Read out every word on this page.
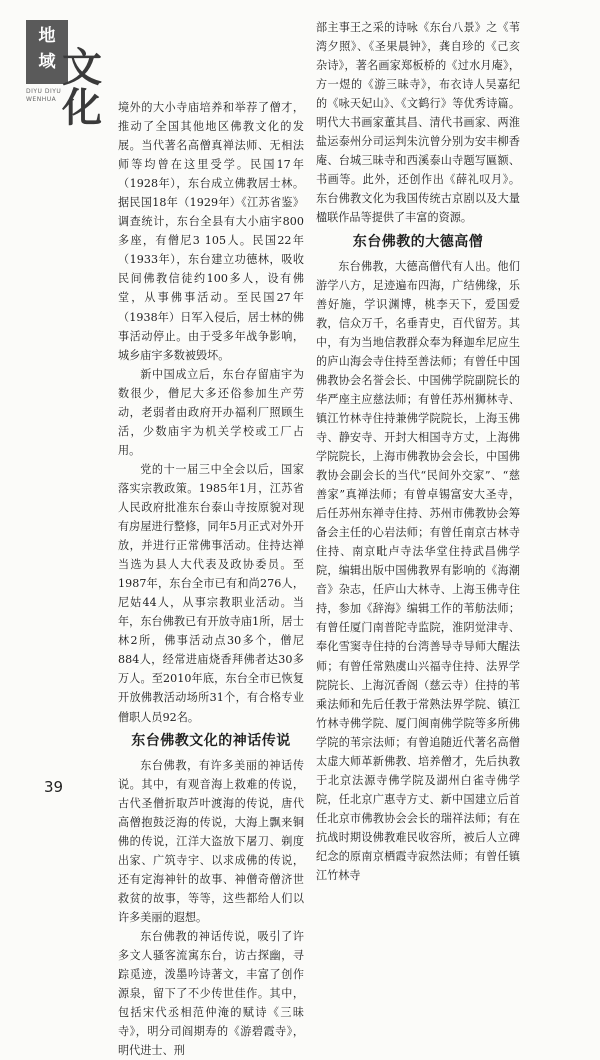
地
域 文化
DIYU DIYU
WENHUA

境外的大小寺庙培养和举荐了僧才，推动了全国其他地区佛教文化的发展。当代著名高僧真禅法师、无相法师等均曾在这里受学。民国17年（1928年），东台成立佛教居士林。据民国18年（1929年）《江苏省鉴》调查统计，东台全县有大小庙宇800多座，有僧尼3 105人。民国22年（1933年），东台建立功德林，吸收民间佛教信徒约100多人，设有佛堂，从事佛事活动。至民国27年（1938年）日军入侵后，居士林的佛事活动停止。由于受多年战争影响，城乡庙宇多数被毁坏。

新中国成立后，东台存留庙宇为数很少，僧尼大多还俗参加生产劳动，老弱者由政府开办福利厂照顾生活，少数庙宇为机关学校或工厂占用。

党的十一届三中全会以后，国家落实宗教政策。1985年1月，江苏省人民政府批准东台泰山寺按原貌对现有房屋进行整修，同年5月正式对外开放，并进行正常佛事活动。住持达禅当选为县人大代表及政协委员。至1987年，东台全市已有和尚276人，尼姑44人，从事宗教职业活动。当年，东台佛教已有开放寺庙1所，居士林2所，佛事活动点30多个，僧尼884人，经常进庙烧香拜佛者达30多万人。至2010年底，东台全市已恢复开放佛教活动场所31个，有合格专业僧职人员92名。

东台佛教文化的神话传说

东台佛教，有许多美丽的神话传说。其中，有观音海上救难的传说，古代圣僧折取芦叶渡海的传说，唐代高僧抱鼓泛海的传说，大海上飘来铜佛的传说，江洋大盗放下屠刀、剃度出家、广筑寺宇、以求成佛的传说，还有定海神针的故事、神僧奇僧济世救贫的故事，等等，这些都给人们以许多美丽的遐想。

东台佛教的神话传说，吸引了许多文人骚客流寓东台，访古探幽，寻踪觅迹，泼墨吟诗著文，丰富了创作源泉，留下了不少传世佳作。其中，包括宋代丞相范仲淹的赋诗《三昧寺》，明分司阎期寿的《游碧霞寺》，明代进士、刑

部主事王之采的诗咏《东台八景》之《苇湾夕照》、《圣果晨钟》，龚自珍的《己亥杂诗》，著名画家郑板桥的《过水月庵》，方一煜的《游三昧寺》，布衣诗人吴嘉纪的《咏天妃山》、《文鹤行》等优秀诗篇。明代大书画家董其昌、清代书画家、两淮盐运泰州分司运判朱沆曾分别为安丰柳香庵、台城三昧寺和西溪泰山寺题写匾额、书画等。此外，还创作出《薛礼叹月》。东台佛教文化为我国传统古京剧以及大量楹联作品等提供了丰富的资源。

东台佛教的大德高僧

东台佛教，大德高僧代有人出。他们游学八方，足迹遍布四海，广结佛缘，乐善好施，学识渊博，桃李天下，爱国爱教，信众万千，名垂青史，百代留芳。其中，有为当地信教群众奉为释迦牟尼应生的庐山海会寺住持至善法师；有曾任中国佛教协会名誉会长、中国佛学院副院长的华严座主应慈法师；有曾任苏州狮林寺、镇江竹林寺住持兼佛学院院长，上海玉佛寺、静安寺、开封大相国寺方丈，上海佛学院院长，上海市佛教协会会长，中国佛教协会副会长的当代“民间外交家”、“慈善家”真禅法师；有曾卓锡富安大圣寺，后任苏州东禅寺住持、苏州市佛教协会筹备会主任的心岩法师；有曾任南京古林寺住持、南京毗卢寺法华堂住持武昌佛学院，编辑出版中国佛教界有影响的《海潮音》杂志，任庐山大林寺、上海玉佛寺住持，参加《辞海》编辑工作的苇舫法师；有曾任厦门南普陀寺监院，淮阴觉津寺、奉化雪窦寺住持的台湾善导寺导师大醒法师；有曾任常熟虞山兴福寺住持、法界学院院长、上海沉香阁（慈云寺）住持的苇乘法师和先后任教于常熟法界学院、镇江竹林寺佛学院、厦门闽南佛学院等多所佛学院的苇宗法师；有曾追随近代著名高僧太虚大师革新佛教、培养僧才，先后执教于北京法源寺佛学院及湖州白雀寺佛学院，任北京广惠寺方丈、新中国建立后首任北京市佛教协会会长的瑞祥法师；有在抗战时期设佛教难民收容所，被后人立碑纪念的原南京栖霞寺寂然法师；有曾任镇江竹林寺

39
